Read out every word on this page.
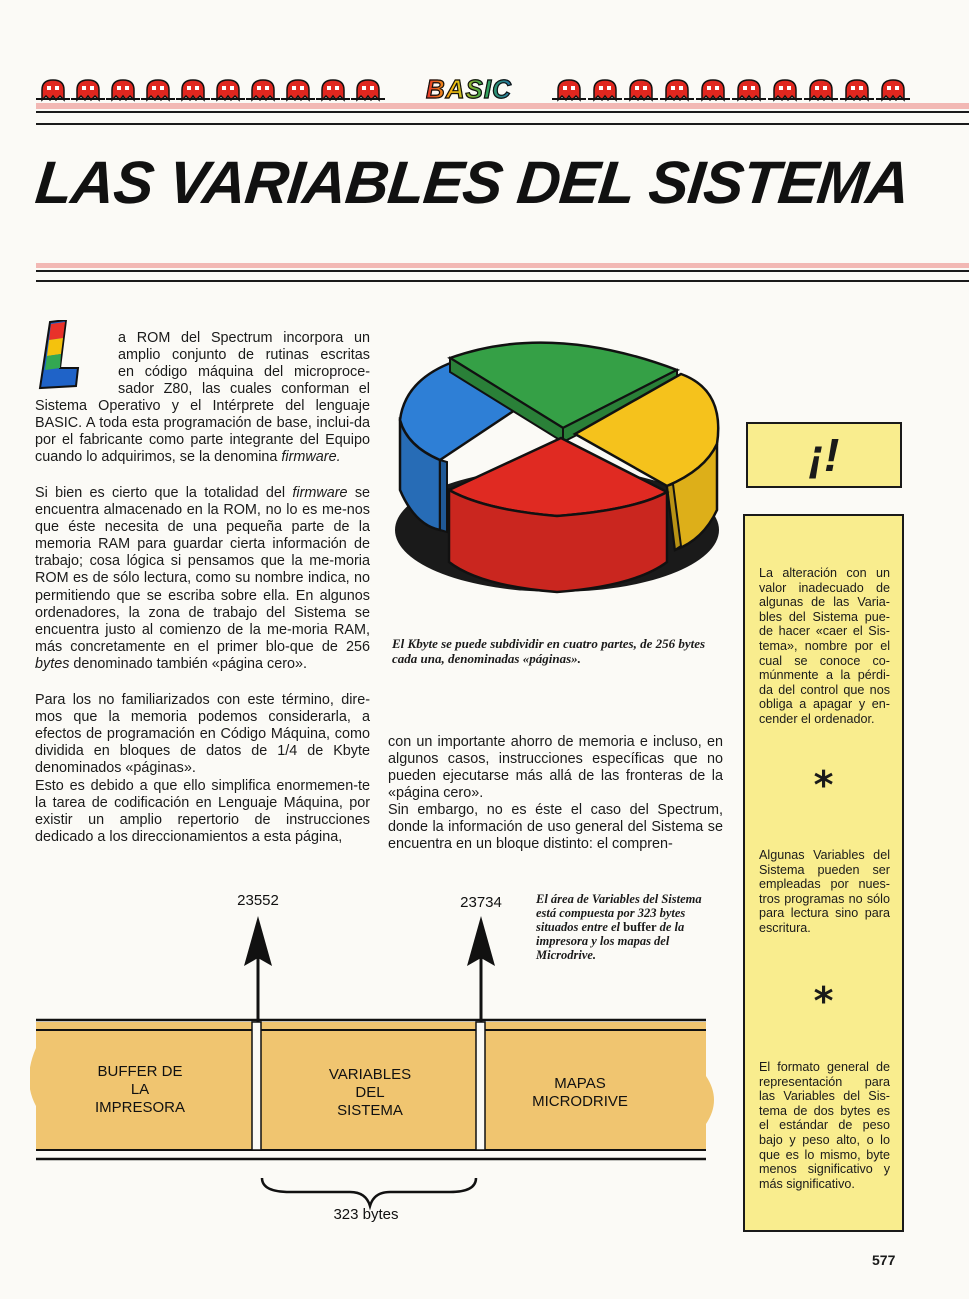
BASIC
LAS VARIABLES DEL SISTEMA
a ROM del Spectrum incorpora un
amplio conjunto de rutinas escritas
en código máquina del microproce-
sador Z80, las cuales conforman el

Sistema Operativo y el Intérprete del lenguaje BASIC. A toda esta programación de base, inclui-da por el fabricante como parte integrante del Equipo cuando lo adquirimos, se la denomina firmware.

Si bien es cierto que la totalidad del firmware se encuentra almacenado en la ROM, no lo es me-nos que éste necesita de una pequeña parte de la memoria RAM para guardar cierta información de trabajo; cosa lógica si pensamos que la me-moria ROM es de sólo lectura, como su nombre indica, no permitiendo que se escriba sobre ella. En algunos ordenadores, la zona de trabajo del Sistema se encuentra justo al comienzo de la me-moria RAM, más concretamente en el primer blo-que de 256 bytes denominado también «página cero».

Para los no familiarizados con este término, dire-mos que la memoria podemos considerarla, a efectos de programación en Código Máquina, como dividida en bloques de datos de 1/4 de Kbyte denominados «páginas».

Esto es debido a que ello simplifica enormemen-te la tarea de codificación en Lenguaje Máquina, por existir un amplio repertorio de instrucciones dedicado a los direccionamientos a esta página,

con un importante ahorro de memoria e incluso, en algunos casos, instrucciones específicas que no pueden ejecutarse más allá de las fronteras de la «página cero».

Sin embargo, no es éste el caso del Spectrum, donde la información de uso general del Sistema se encuentra en un bloque distinto: el compren-

El Kbyte se puede subdividir en cuatro partes, de 256 bytes cada una, denominadas «páginas».

¡!

La alteración con un valor inadecuado de algunas de las Varia-bles del Sistema pue-de hacer «caer el Sis-tema», nombre por el cual se conoce co-múnmente a la pérdi-da del control que nos obliga a apagar y en-cender el ordenador.

*

Algunas Variables del Sistema pueden ser empleadas por nues-tros programas no sólo para lectura sino para escritura.

*

El formato general de representación para las Variables del Sis-tema de dos bytes es el estándar de peso bajo y peso alto, o lo que es lo mismo, byte menos significativo y más significativo.

23552	23734
BUFFER DE
LA
IMPRESORA
VARIABLES
DEL
SISTEMA
MAPAS
MICRODRIVE
323 bytes

El área de Variables del Sistema está compuesta por 323 bytes situados entre el buffer de la impresora y los mapas del Microdrive.

577
